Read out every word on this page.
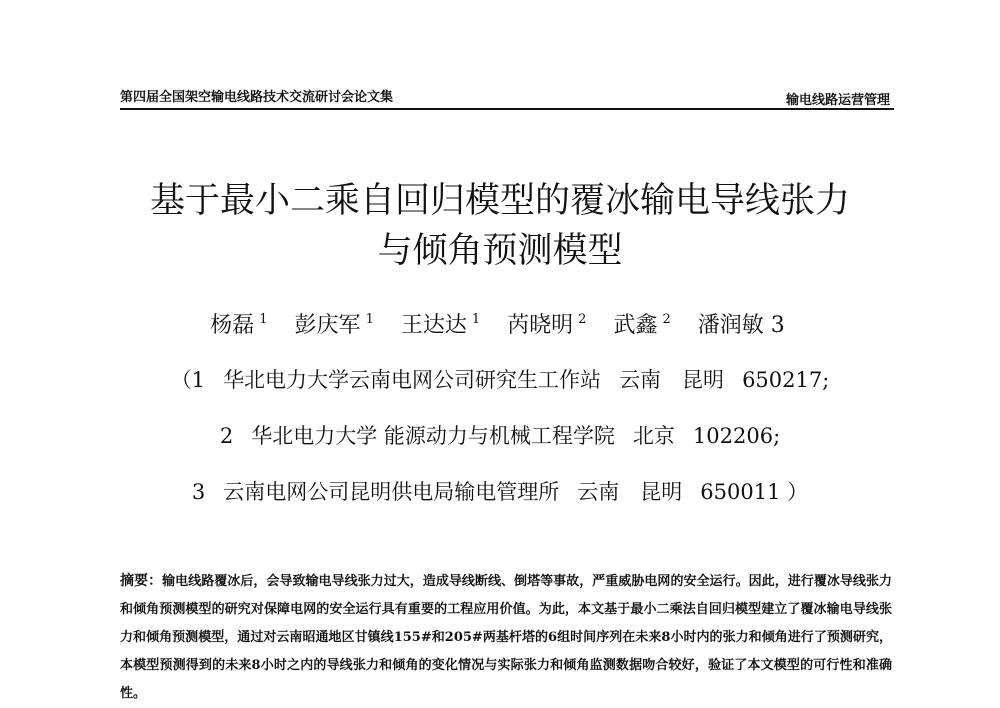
第四届全国架空输电线路技术交流研讨会论文集	输电线路运营管理
基于最小二乘自回归模型的覆冰输电导线张力
与倾角预测模型
杨磊 $^1$ 彭庆军 $^1$ 王达达 $^1$ 芮晓明 $^2$ 武鑫 $^2$ 潘润敏 3
（1 华北电力大学云南电网公司研究生工作站 云南　昆明 650217;
2 华北电力大学 能源动力与机械工程学院 北京 102206;
3 云南电网公司昆明供电局输电管理所 云南　昆明 650011 ）
摘要：输电线路覆冰后，会导致输电导线张力过大，造成导线断线、倒塔等事故，严重威胁电网的安全运行。因此，进行覆冰导线张力和倾角预测模型的研究对保障电网的安全运行具有重要的工程应用价值。为此，本文基于最小二乘法自回归模型建立了覆冰输电导线张力和倾角预测模型，通过对云南昭通地区甘镇线155#和205#两基杆塔的6组时间序列在未来8小时内的张力和倾角进行了预测研究，本模型预测得到的未来8小时之内的导线张力和倾角的变化情况与实际张力和倾角监测数据吻合较好，验证了本文模型的可行性和准确性。
